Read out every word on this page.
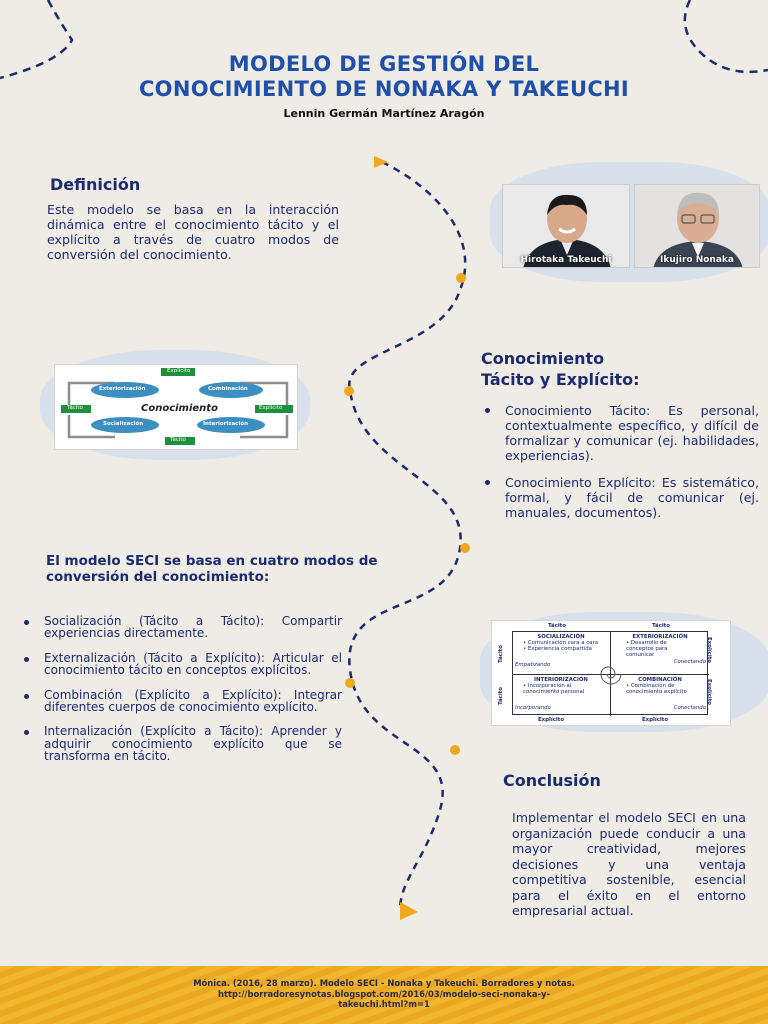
MODELO DE GESTIÓN DEL
CONOCIMIENTO DE NONAKA Y TAKEUCHI
Lennin Germán Martínez Aragón
Definición

Este modelo se basa en la interacción dinámica entre el conocimiento tácito y el explícito a través de cuatro modos de conversión del conocimiento.	Hirotaka Takeuchi	Ikujiro Nonaka
Exteriorización	Combinación
Socialización	Interiorización
Explícito
Tácito	Explícito
Tácito
Conocimiento
Conocimiento
Tácito y Explícito:
Conocimiento Tácito: Es personal, contextualmente específico, y difícil de formalizar y comunicar (ej. habilidades, experiencias).
Conocimiento Explícito: Es sistemático, formal, y fácil de comunicar (ej. manuales, documentos).
El modelo SECI se basa en cuatro modos de conversión del conocimiento:
Socialización (Tácito a Tácito): Compartir experiencias directamente.
Externalización (Tácito a Explícito): Articular el conocimiento tácito en conceptos explícitos.
Combinación (Explícito a Explícito): Integrar diferentes cuerpos de conocimiento explícito.
Internalización (Explícito a Tácito): Aprender y adquirir conocimiento explícito que se transforma en tácito.
Tácito	Tácito
Explícito	Explícito
Tácito
Tácito
Explícito
Explícito
SOCIALIZACIÓN
• Comunicación cara a cara
• Experiencia compartida
Empatizando
EXTERIORIZACIÓN
• Desarrollo de
conceptos para
comunicar
Conectando
INTERIORIZACIÓN
• Incorporación al
conocimiento personal
Incorporando
COMBINACIÓN
• Combinación de
conocimiento explícito
Conectando
Conclusión

Implementar el modelo SECI en una organización puede conducir a una mayor creatividad, mejores decisiones y una ventaja competitiva sostenible, esencial para el éxito en el entorno empresarial actual.

Mónica. (2016, 28 marzo). Modelo SECI - Nonaka y Takeuchi. Borradores y notas.
http://borradoresynotas.blogspot.com/2016/03/modelo-seci-nonaka-y-
takeuchi.html?m=1
